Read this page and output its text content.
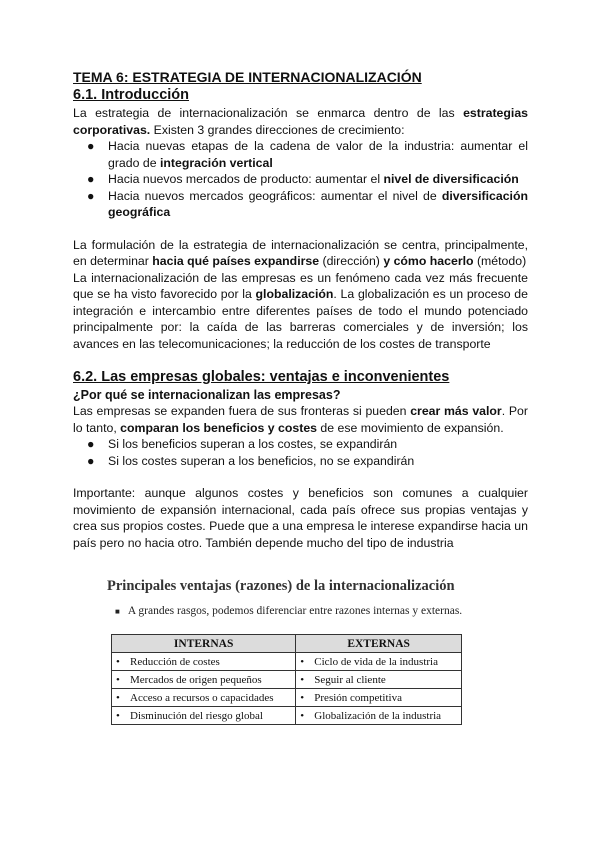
TEMA 6: ESTRATEGIA DE INTERNACIONALIZACIÓN
6.1. Introducción

La estrategia de internacionalización se enmarca dentro de las estrategias corporativas. Existen 3 grandes direcciones de crecimiento:

● Hacia nuevas etapas de la cadena de valor de la industria: aumentar el grado de integración vertical
● Hacia nuevos mercados de producto: aumentar el nivel de diversificación
● Hacia nuevos mercados geográficos: aumentar el nivel de diversificación geográfica

La formulación de la estrategia de internacionalización se centra, principalmente, en determinar hacia qué países expandirse (dirección) y cómo hacerlo (método)

La internacionalización de las empresas es un fenómeno cada vez más frecuente que se ha visto favorecido por la globalización. La globalización es un proceso de integración e intercambio entre diferentes países de todo el mundo potenciado principalmente por: la caída de las barreras comerciales y de inversión; los avances en las telecomunicaciones; la reducción de los costes de transporte

6.2. Las empresas globales: ventajas e inconvenientes
¿Por qué se internacionalizan las empresas?

Las empresas se expanden fuera de sus fronteras si pueden crear más valor. Por lo tanto, comparan los beneficios y costes de ese movimiento de expansión.

● Si los beneficios superan a los costes, se expandirán
● Si los costes superan a los beneficios, no se expandirán

Importante: aunque algunos costes y beneficios son comunes a cualquier movimiento de expansión internacional, cada país ofrece sus propias ventajas y crea sus propios costes. Puede que a una empresa le interese expandirse hacia un país pero no hacia otro. También depende mucho del tipo de industria

Principales ventajas (razones) de la internacionalización
■ A grandes rasgos, podemos diferenciar entre razones internas y externas.
INTERNAS	EXTERNAS
• Reducción de costes	• Ciclo de vida de la industria
• Mercados de origen pequeños	• Seguir al cliente
• Acceso a recursos o capacidades	• Presión competitiva
• Disminución del riesgo global	• Globalización de la industria
